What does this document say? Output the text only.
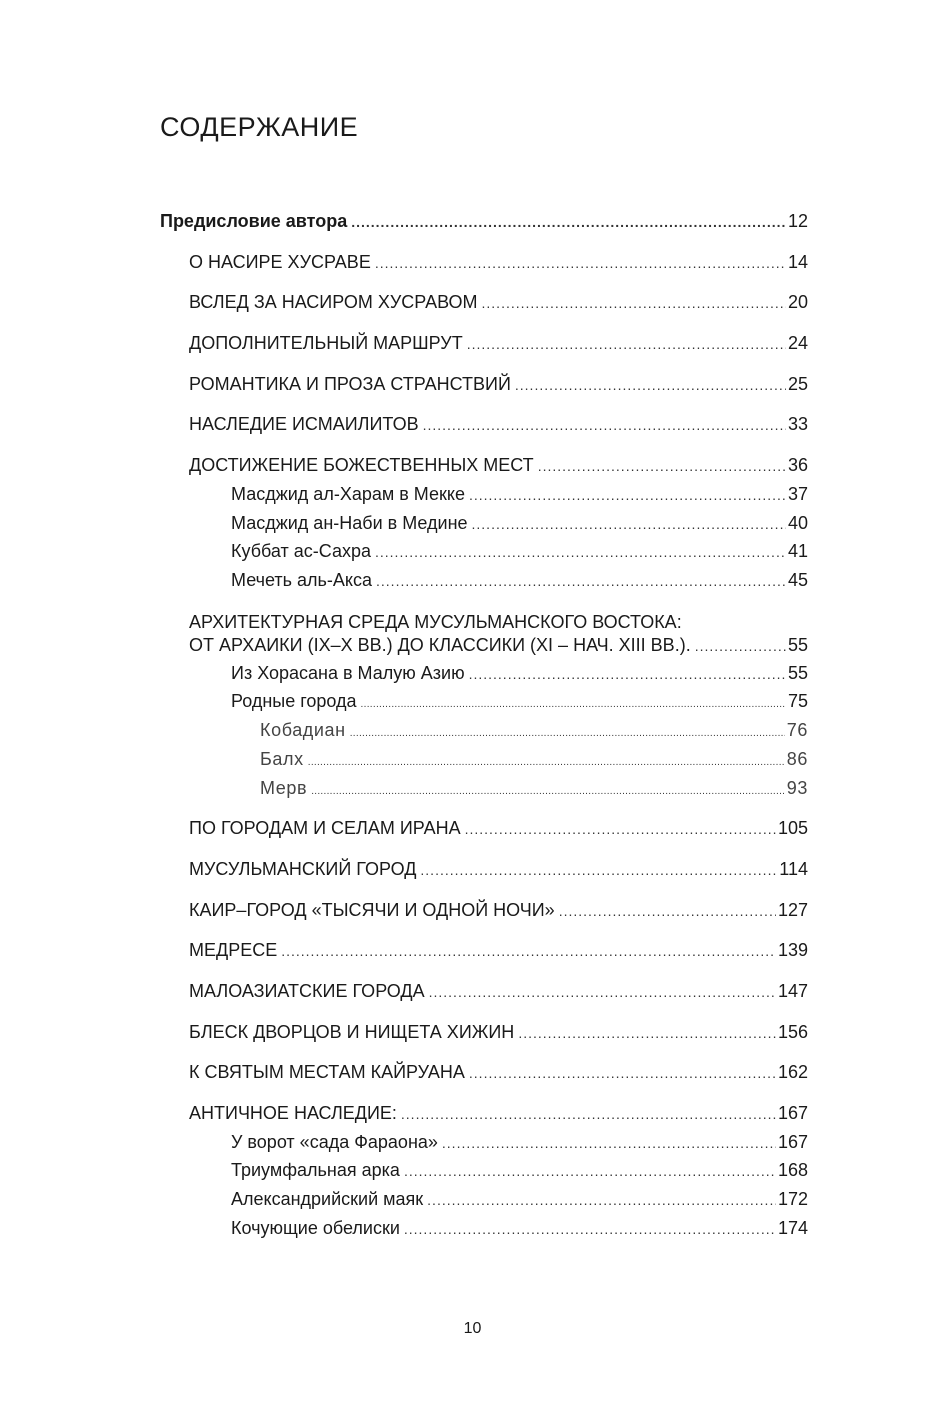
СОДЕРЖАНИЕ
Предисловие автора .....	12
О НАСИРЕ ХУСРАВЕ .....	14
ВСЛЕД ЗА НАСИРОМ ХУСРАВОМ .....	20
ДОПОЛНИТЕЛЬНЫЙ МАРШРУТ .....	24
РОМАНТИКА И ПРОЗА СТРАНСТВИЙ .....	25
НАСЛЕДИЕ ИСМАИЛИТОВ .....	33
ДОСТИЖЕНИЕ БОЖЕСТВЕННЫХ МЕСТ .....	36
Масджид ал-Харам в Мекке .....	37
Масджид ан-Наби в Медине .....	40
Куббат ас-Сахра .....	41
Мечеть аль-Акса .....	45
АРХИТЕКТУРНАЯ СРЕДА МУСУЛЬМАНСКОГО ВОСТОКА:
ОТ АРХАИКИ (IX–X ВВ.) ДО КЛАССИКИ (XI – НАЧ. XIII ВВ.). .....	55
Из Хорасана в Малую Азию .....	55
Родные города .....	75
Кобадиан .....	76
Балх .....	86
Мерв .....	93
ПО ГОРОДАМ И СЕЛАМ ИРАНА .....	105
МУСУЛЬМАНСКИЙ ГОРОД .....	114
КАИР–ГОРОД «ТЫСЯЧИ И ОДНОЙ НОЧИ» .....	127
МЕДРЕСЕ .....	139
МАЛОАЗИАТСКИЕ ГОРОДА .....	147
БЛЕСК ДВОРЦОВ И НИЩЕТА ХИЖИН .....	156
К СВЯТЫМ МЕСТАМ КАЙРУАНА .....	162
АНТИЧНОЕ НАСЛЕДИЕ: .....	167
У ворот «сада Фараона» .....	167
Триумфальная арка .....	168
Александрийский маяк .....	172
Кочующие обелиски .....	174
10
